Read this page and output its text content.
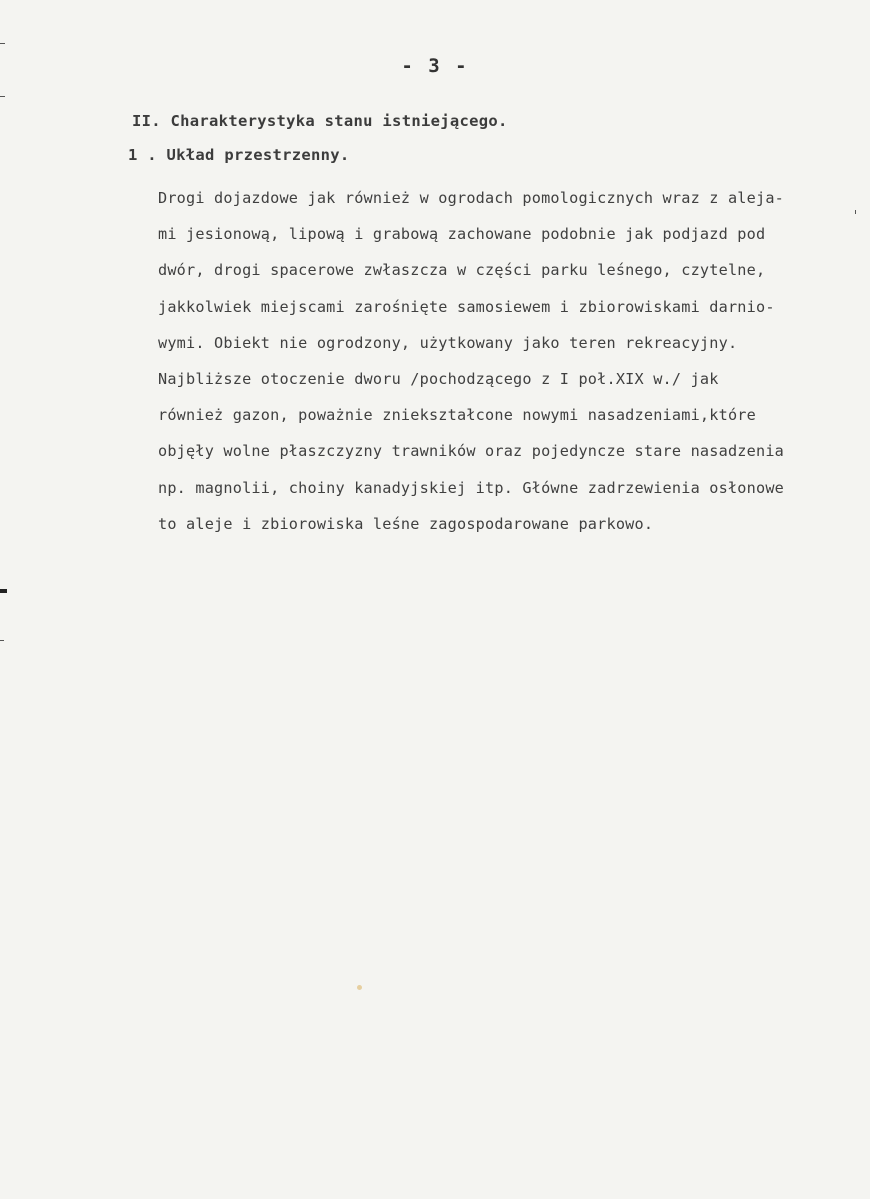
- 3 -
II. Charakterystyka stanu istniejącego.
1 . Układ przestrzenny.
Drogi dojazdowe jak również w ogrodach pomologicznych wraz z aleja-
mi jesionową, lipową i grabową zachowane podobnie jak podjazd pod
dwór, drogi spacerowe zwłaszcza w części parku leśnego, czytelne,
jakkolwiek miejscami zarośnięte samosiewem i zbiorowiskami darnio-
wymi. Obiekt nie ogrodzony, użytkowany jako teren rekreacyjny.
Najbliższe otoczenie dworu /pochodzącego z I poł.XIX w./ jak
również gazon, poważnie zniekształcone nowymi nasadzeniami,które
objęły wolne płaszczyzny trawników oraz pojedyncze stare nasadzenia
np. magnolii, choiny kanadyjskiej itp. Główne zadrzewienia osłonowe
to aleje i zbiorowiska leśne zagospodarowane parkowo.
